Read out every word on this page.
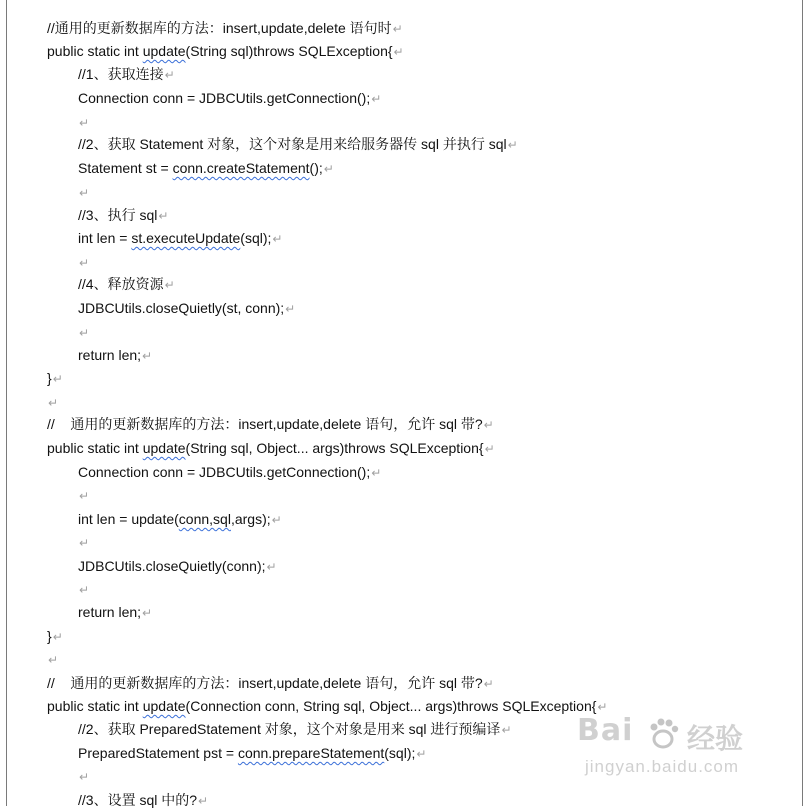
//通用的更新数据库的方法：insert,update,delete 语句时↵
public static int update(String sql)throws SQLException{↵
//1、获取连接↵
Connection conn = JDBCUtils.getConnection();↵
↵
//2、获取 Statement 对象，这个对象是用来给服务器传 sql 并执行 sql↵
Statement st = conn.createStatement();↵
↵
//3、执行 sql↵
int len = st.executeUpdate(sql);↵
↵
//4、释放资源↵
JDBCUtils.closeQuietly(st, conn);↵
↵
return len;↵
}↵
↵
//    通用的更新数据库的方法：insert,update,delete 语句，允许 sql 带?↵
public static int update(String sql, Object... args)throws SQLException{↵
Connection conn = JDBCUtils.getConnection();↵
↵
int len = update(conn,sql,args);↵
↵
JDBCUtils.closeQuietly(conn);↵
↵
return len;↵
}↵
↵
//    通用的更新数据库的方法：insert,update,delete 语句，允许 sql 带?↵
public static int update(Connection conn, String sql, Object... args)throws SQLException{↵
//2、获取 PreparedStatement 对象，这个对象是用来 sql 进行预编译↵
PreparedStatement pst = conn.prepareStatement(sql);↵
↵
//3、设置 sql 中的?↵
Bai 经验
jingyan.baidu.com
